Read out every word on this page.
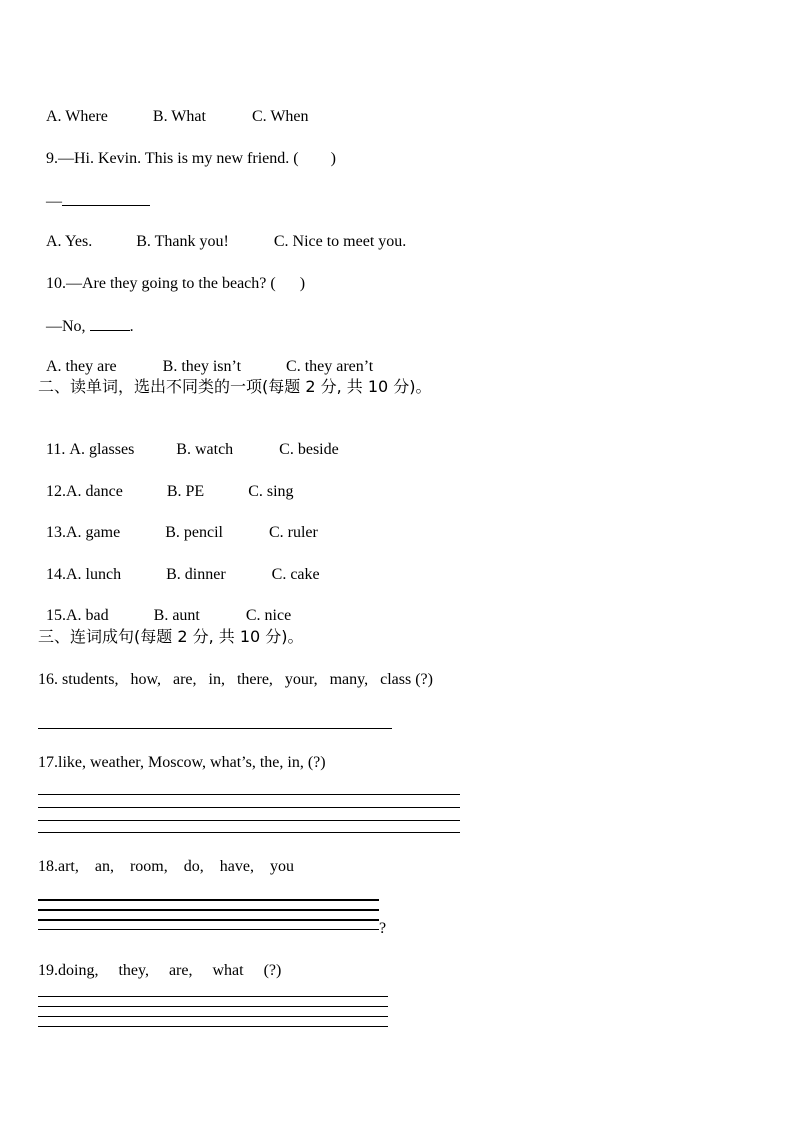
A. Where	B. What	C. When

9.—Hi. Kevin. This is my new friend. ( )

—

A. Yes.	B. Thank you!	C. Nice to meet you.

10.—Are they going to the beach? ( )

—No,	.

A. they are	B. they isn’t	C. they aren’t

二、读单词，选出不同类的一项(每题 2 分, 共 10 分)。

11. A. glasses	B. watch	C. beside

12.A. dance	B. PE	C. sing

13.A. game	B. pencil	C. ruler

14.A. lunch	B. dinner	C. cake

15.A. bad	B. aunt	C. nice

三、连词成句(每题 2 分, 共 10 分)。
16. students,   how,   are,   in,   there,   your,   many,   class (?)
17.like, weather, Moscow, what’s, the, in, (?)
18.art,    an,    room,    do,    have,    you
?
19.doing,     they,     are,     what     (?)
